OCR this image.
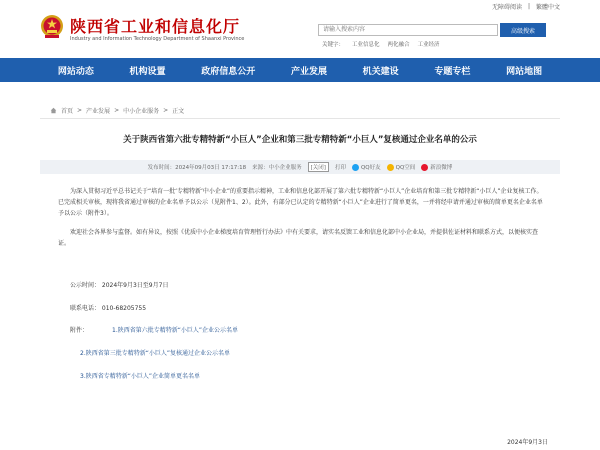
无障碍阅读 | 繁體中文
陕西省工业和信息化厅
Industry and Information Technology Department of Shaanxi Province
请输入搜索内容
高级搜索
关键字： 工业信息化 两化融合 工业经济
网站动态	机构设置	政府信息公开	产业发展	机关建设	专题专栏	网站地图
首页 > 产业发展 > 中小企业服务 > 正文
关于陕西省第六批专精特新“小巨人”企业和第三批专精特新“小巨人”复核通过企业名单的公示
发布时间：2024年09月03日 17:17:18 来源：中小企业服务	[关闭]	打印	QQ好友	QQ空间	新浪微博

为深入贯彻习近平总书记关于“培育一批‘专精特新’中小企业”的重要指示精神，工业和信息化部开展了第六批专精特新“小巨人”企业培育和第三批专精特新“小巨人”企业复核工作。已完成相关审核，现将我省通过审核的企业名单予以公示（见附件1、2）。此外，有部分已认定的专精特新“小巨人”企业进行了简单更名，一并将经申请并通过审核的简单更名企业名单予以公示（附件3）。

欢迎社会各界参与监督。如有异议，按照《优质中小企业梯度培育管理暂行办法》中有关要求，请实名反馈工业和信息化部中小企业局，并提供佐证材料和联系方式，以便核实查证。

公示时间： 2024年9月3日至9月7日
联系电话： 010-68205755
附件：	1.陕西省第六批专精特新“小巨人”企业公示名单
2.陕西省第三批专精特新“小巨人”复核通过企业公示名单
3.陕西省专精特新“小巨人”企业简单更名名单
2024年9月3日
